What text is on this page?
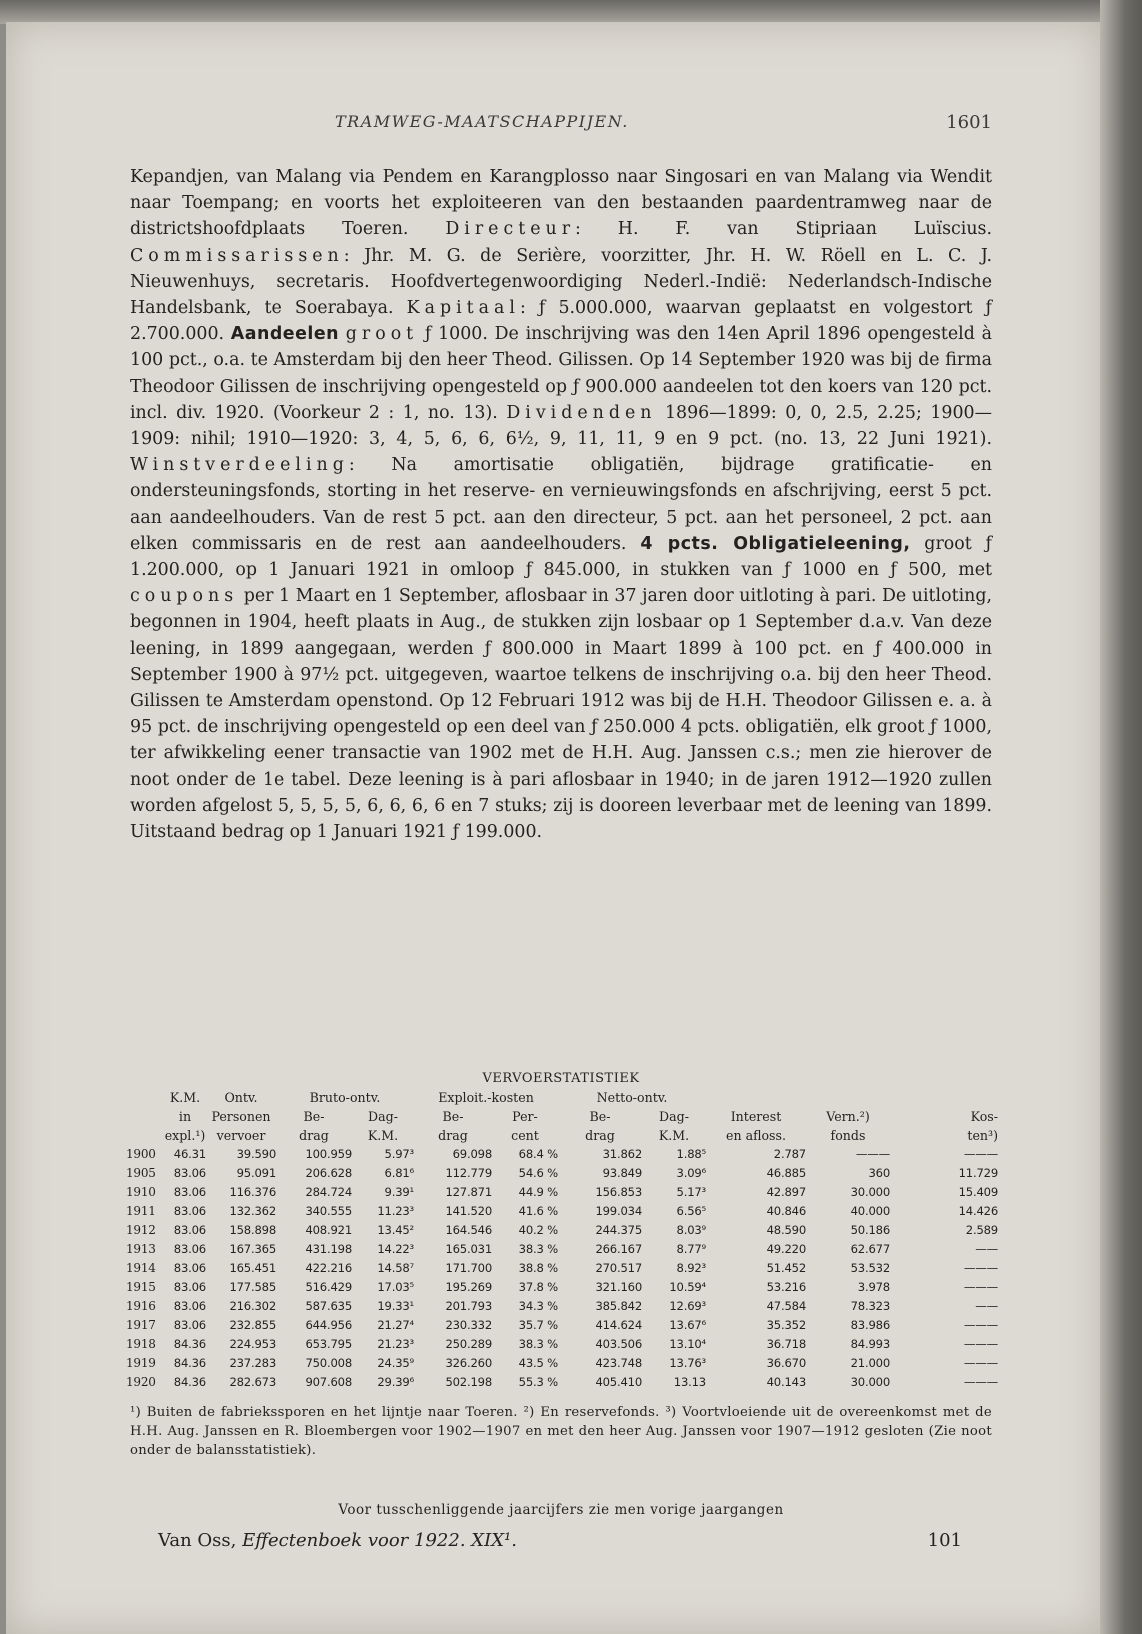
TRAMWEG-MAATSCHAPPIJEN.	1601

Kepandjen, van Malang via Pendem en Karangplosso naar Singosari en van Malang via Wendit naar Toempang; en voorts het exploiteeren van den bestaanden paardentramweg naar de districtshoofdplaats Toeren. Directeur: H. F. van Stipriaan Luïscius. Commissarissen: Jhr. M. G. de Serière, voorzitter, Jhr. H. W. Röell en L. C. J. Nieuwenhuys, secretaris. Hoofdvertegenwoordiging Nederl.-Indië: Nederlandsch-Indische Handelsbank, te Soerabaya. Kapitaal: ƒ 5.000.000, waarvan geplaatst en volgestort ƒ 2.700.000. Aandeelen groot ƒ 1000. De inschrijving was den 14en April 1896 opengesteld à 100 pct., o.a. te Amsterdam bij den heer Theod. Gilissen. Op 14 September 1920 was bij de firma Theodoor Gilissen de inschrijving opengesteld op ƒ 900.000 aandeelen tot den koers van 120 pct. incl. div. 1920. (Voorkeur 2 : 1, no. 13). Dividenden 1896—1899: 0, 0, 2.5, 2.25; 1900—1909: nihil; 1910—1920: 3, 4, 5, 6, 6, 6½, 9, 11, 11, 9 en 9 pct. (no. 13, 22 Juni 1921). Winstverdeeling: Na amortisatie obligatiën, bijdrage gratificatie- en ondersteuningsfonds, storting in het reserve- en vernieuwingsfonds en afschrijving, eerst 5 pct. aan aandeelhouders. Van de rest 5 pct. aan den directeur, 5 pct. aan het personeel, 2 pct. aan elken commissaris en de rest aan aandeelhouders. 4 pcts. Obligatieleening, groot ƒ 1.200.000, op 1 Januari 1921 in omloop ƒ 845.000, in stukken van ƒ 1000 en ƒ 500, met coupons per 1 Maart en 1 September, aflosbaar in 37 jaren door uitloting à pari. De uitloting, begonnen in 1904, heeft plaats in Aug., de stukken zijn losbaar op 1 September d.a.v. Van deze leening, in 1899 aangegaan, werden ƒ 800.000 in Maart 1899 à 100 pct. en ƒ 400.000 in September 1900 à 97½ pct. uitgegeven, waartoe telkens de inschrijving o.a. bij den heer Theod. Gilissen te Amsterdam openstond. Op 12 Februari 1912 was bij de H.H. Theodoor Gilissen e. a. à 95 pct. de inschrijving opengesteld op een deel van ƒ 250.000 4 pcts. obligatiën, elk groot ƒ 1000, ter afwikkeling eener transactie van 1902 met de H.H. Aug. Janssen c.s.; men zie hierover de noot onder de 1e tabel. Deze leening is à pari aflosbaar in 1940; in de jaren 1912—1920 zullen worden afgelost 5, 5, 5, 5, 6, 6, 6, 6 en 7 stuks; zij is dooreen leverbaar met de leening van 1899. Uitstaand bedrag op 1 Januari 1921 ƒ 199.000.

VERVOERSTATISTIEK
	K.M.	Ontv.	Bruto-ontv.		Exploit.-kosten		Netto-ontv.				
	in	Personen	Be-	Dag-	Be-	Per-	Be-	Dag-	Interest	Vern.²)	Kos-
	expl.¹)	vervoer	drag	K.M.	drag	cent	drag	K.M.	en afloss.	fonds	ten³)
1900	46.31	39.590	100.959	5.97³	69.098	68.4 %	31.862	1.88⁵	2.787	———	———
1905	83.06	95.091	206.628	6.81⁶	112.779	54.6 %	93.849	3.09⁶	46.885	360	11.729
1910	83.06	116.376	284.724	9.39¹	127.871	44.9 %	156.853	5.17³	42.897	30.000	15.409
1911	83.06	132.362	340.555	11.23³	141.520	41.6 %	199.034	6.56⁵	40.846	40.000	14.426
1912	83.06	158.898	408.921	13.45²	164.546	40.2 %	244.375	8.03⁹	48.590	50.186	2.589
1913	83.06	167.365	431.198	14.22³	165.031	38.3 %	266.167	8.77⁹	49.220	62.677	——
1914	83.06	165.451	422.216	14.58⁷	171.700	38.8 %	270.517	8.92³	51.452	53.532	———
1915	83.06	177.585	516.429	17.03⁵	195.269	37.8 %	321.160	10.59⁴	53.216	3.978	———
1916	83.06	216.302	587.635	19.33¹	201.793	34.3 %	385.842	12.69³	47.584	78.323	——
1917	83.06	232.855	644.956	21.27⁴	230.332	35.7 %	414.624	13.67⁶	35.352	83.986	———
1918	84.36	224.953	653.795	21.23³	250.289	38.3 %	403.506	13.10⁴	36.718	84.993	———
1919	84.36	237.283	750.008	24.35⁹	326.260	43.5 %	423.748	13.76³	36.670	21.000	———
1920	84.36	282.673	907.608	29.39⁶	502.198	55.3 %	405.410	13.13	40.143	30.000	———

¹) Buiten de fabriekssporen en het lijntje naar Toeren. ²) En reservefonds. ³) Voortvloeiende uit de overeenkomst met de H.H. Aug. Janssen en R. Bloembergen voor 1902—1907 en met den heer Aug. Janssen voor 1907—1912 gesloten (Zie noot onder de balansstatistiek).

Voor tusschenliggende jaarcijfers zie men vorige jaargangen
Van Oss, Effectenboek voor 1922. XIX¹.	101
